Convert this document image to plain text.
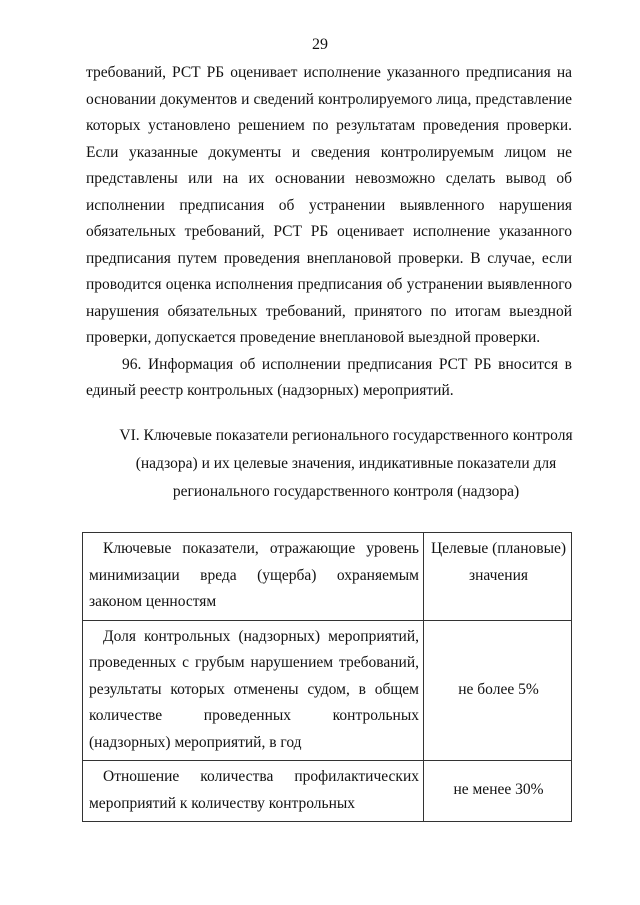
29

требований, РСТ РБ оценивает исполнение указанного предписания на основании документов и сведений контролируемого лица, представление которых установлено решением по результатам проведения проверки. Если указанные документы и сведения контролируемым лицом не представлены или на их основании невозможно сделать вывод об исполнении предписания об устранении выявленного нарушения обязательных требований, РСТ РБ оценивает исполнение указанного предписания путем проведения внеплановой проверки. В случае, если проводится оценка исполнения предписания об устранении выявленного нарушения обязательных требований, принятого по итогам выездной проверки, допускается проведение внеплановой выездной проверки.

96. Информация об исполнении предписания РСТ РБ вносится в единый реестр контрольных (надзорных) мероприятий.

VI. Ключевые показатели регионального государственного контроля
(надзора) и их целевые значения, индикативные показатели для
регионального государственного контроля (надзора)
Ключевые показатели, отражающие уровень минимизации вреда (ущерба) охраняемым законом ценностям	Целевые (плановые) значения
Доля контрольных (надзорных) мероприятий, проведенных с грубым нарушением требований, результаты которых отменены судом, в общем количестве проведенных контрольных (надзорных) мероприятий, в год	не более 5%
Отношение количества профилактических мероприятий к количеству контрольных	не менее 30%
